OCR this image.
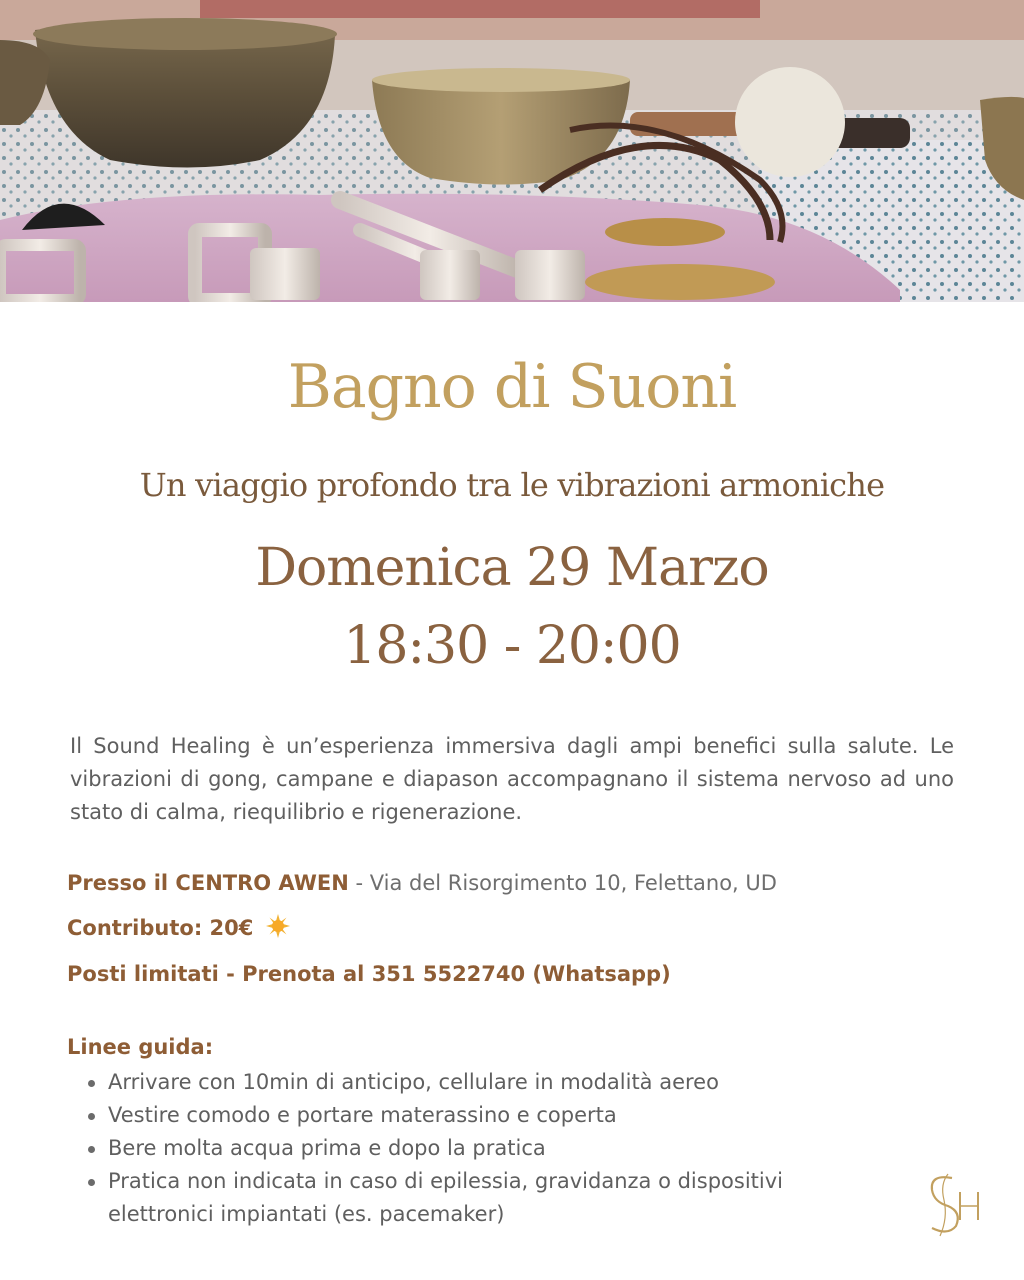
Bagno di Suoni

Un viaggio profondo tra le vibrazioni armoniche

Domenica 29 Marzo

18:30 - 20:00

Il Sound Healing è un’esperienza immersiva dagli ampi benefici sulla salute. Le vibrazioni di gong, campane e diapason accompagnano il sistema nervoso ad uno stato di calma, riequilibrio e rigenerazione.

Presso il CENTRO AWEN - Via del Risorgimento 10, Felettano, UD

Contributo: 20€

Posti limitati - Prenota al 351 5522740 (Whatsapp)

Linee guida:

Arrivare con 10min di anticipo, cellulare in modalità aereo
Vestire comodo e portare materassino e coperta
Bere molta acqua prima e dopo la pratica
Pratica non indicata in caso di epilessia, gravidanza o dispositivi elettronici impiantati (es. pacemaker)
